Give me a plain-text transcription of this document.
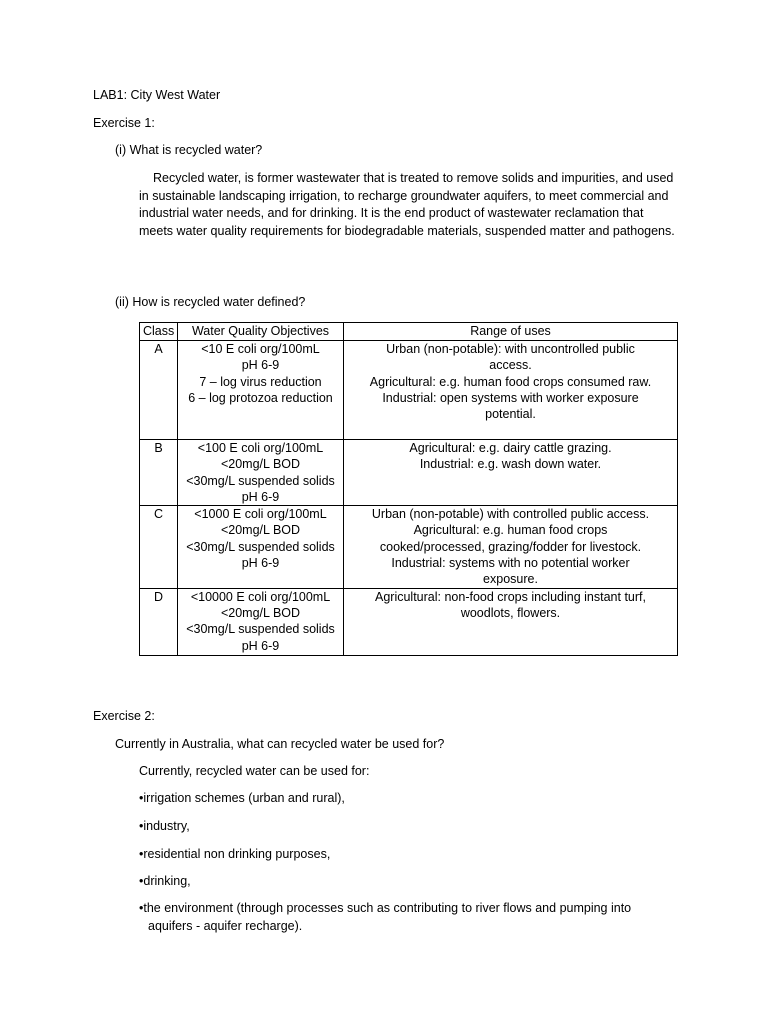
LAB1: City West Water
Exercise 1:
(i) What is recycled water?
Recycled water, is former wastewater that is treated to remove solids and impurities, and used in sustainable landscaping irrigation, to recharge groundwater aquifers, to meet commercial and industrial water needs, and for drinking. It is the end product of wastewater reclamation that meets water quality requirements for biodegradable materials, suspended matter and pathogens.
(ii) How is recycled water defined?
Class	Water Quality Objectives	Range of uses
A	<10 E coli org/100mL
pH 6-9
7 – log virus reduction
6 – log protozoa reduction	Urban (non-potable): with uncontrolled public
access.
Agricultural: e.g. human food crops consumed raw.
Industrial: open systems with worker exposure
potential.

B	<100 E coli org/100mL
<20mg/L BOD
<30mg/L suspended solids
pH 6-9	Agricultural: e.g. dairy cattle grazing.
Industrial: e.g. wash down water.

C	<1000 E coli org/100mL
<20mg/L BOD
<30mg/L suspended solids
pH 6-9	Urban (non-potable) with controlled public access.
Agricultural: e.g. human food crops
cooked/processed, grazing/fodder for livestock.
Industrial: systems with no potential worker
exposure.

D	<10000 E coli org/100mL
<20mg/L BOD
<30mg/L suspended solids
pH 6-9	Agricultural: non-food crops including instant turf,
woodlots, flowers.
Exercise 2:
Currently in Australia, what can recycled water be used for?
Currently, recycled water can be used for:
•irrigation schemes (urban and rural),
•industry,
•residential non drinking purposes,
•drinking,
•the environment (through processes such as contributing to river flows and pumping into
aquifers - aquifer recharge).
